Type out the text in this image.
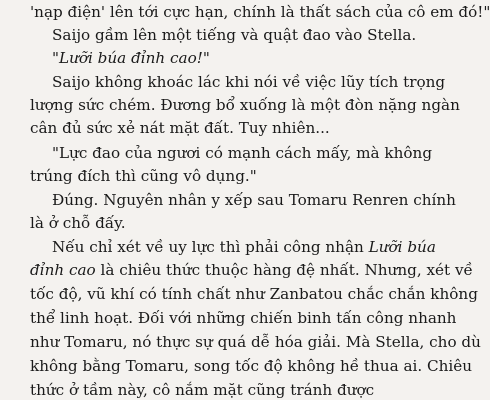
'nạp điện' lên tới cực hạn, chính là thất sách của cô em đó!"
Saijo gầm lên một tiếng và quật đao vào Stella.
"Lưỡi búa đỉnh cao!"
Saijo không khoác lác khi nói về việc lũy tích trọng
lượng sức chém. Đương bổ xuống là một đòn nặng ngàn
cân đủ sức xẻ nát mặt đất. Tuy nhiên...
"Lực đao của ngươi có mạnh cách mấy, mà không
trúng đích thì cũng vô dụng."
Đúng. Nguyên nhân y xếp sau Tomaru Renren chính
là ở chỗ đấy.
Nếu chỉ xét về uy lực thì phải công nhận Lưỡi búa
đỉnh cao là chiêu thức thuộc hàng đệ nhất. Nhưng, xét về
tốc độ, vũ khí có tính chất như Zanbatou chắc chắn không
thể linh hoạt. Đối với những chiến binh tấn công nhanh
như Tomaru, nó thực sự quá dễ hóa giải. Mà Stella, cho dù
không bằng Tomaru, song tốc độ không hề thua ai. Chiêu
thức ở tầm này, cô nắm mặt cũng tránh được
